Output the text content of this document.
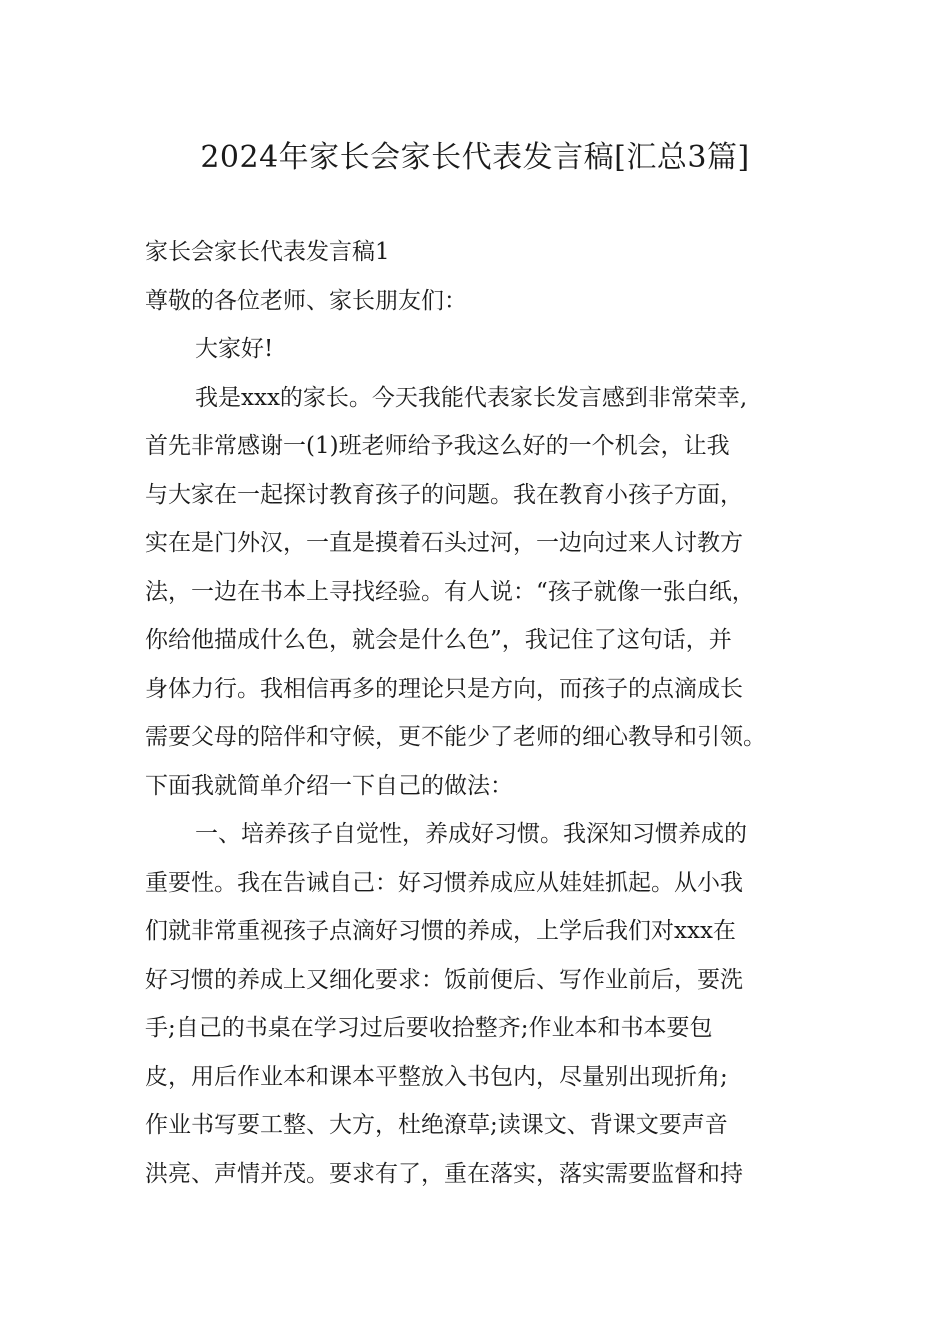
2024年家长会家长代表发言稿[汇总3篇]
家长会家长代表发言稿1
尊敬的各位老师、家长朋友们：
大家好!
我是xxx的家长。今天我能代表家长发言感到非常荣幸,
首先非常感谢一(1)班老师给予我这么好的一个机会，让我
与大家在一起探讨教育孩子的问题。我在教育小孩子方面，
实在是门外汉，一直是摸着石头过河，一边向过来人讨教方
法，一边在书本上寻找经验。有人说：“孩子就像一张白纸，
你给他描成什么色，就会是什么色”，我记住了这句话，并
身体力行。我相信再多的理论只是方向，而孩子的点滴成长
需要父母的陪伴和守候，更不能少了老师的细心教导和引领。
下面我就简单介绍一下自己的做法：
一、培养孩子自觉性，养成好习惯。我深知习惯养成的
重要性。我在告诫自己：好习惯养成应从娃娃抓起。从小我
们就非常重视孩子点滴好习惯的养成，上学后我们对xxx在
好习惯的养成上又细化要求：饭前便后、写作业前后，要洗
手;自己的书桌在学习过后要收拾整齐;作业本和书本要包
皮，用后作业本和课本平整放入书包内，尽量别出现折角;
作业书写要工整、大方，杜绝潦草;读课文、背课文要声音
洪亮、声情并茂。要求有了，重在落实，落实需要监督和持
